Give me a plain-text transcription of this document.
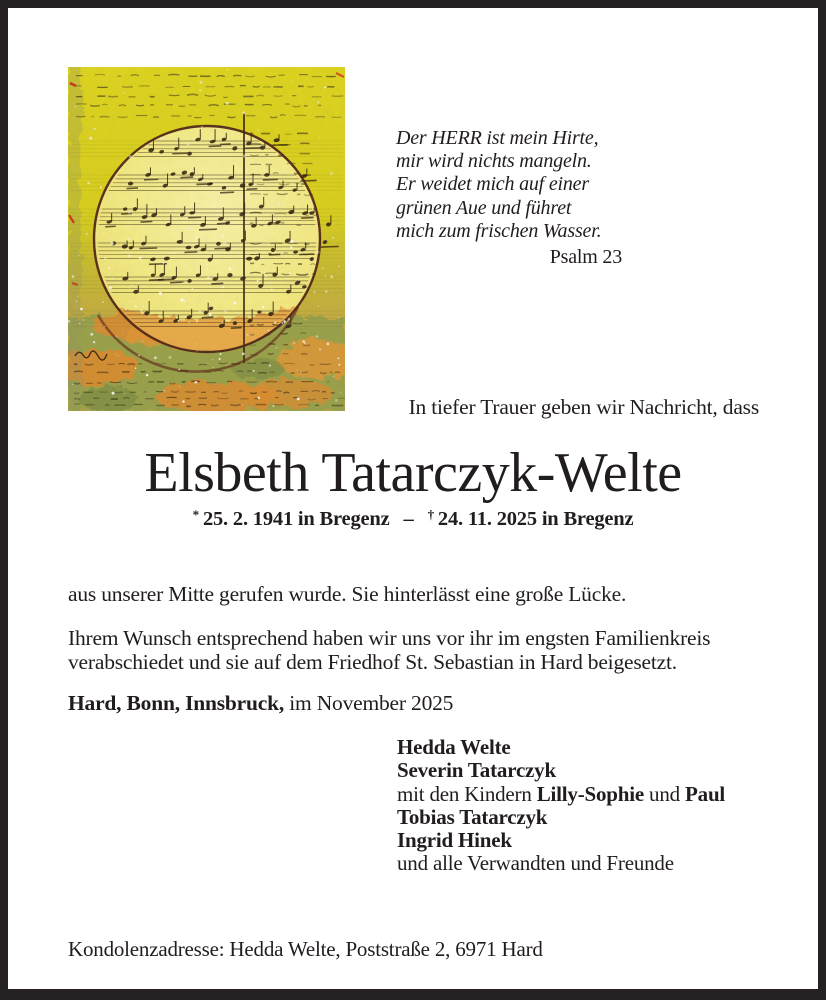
Der HERR ist mein Hirte,
mir wird nichts mangeln.
Er weidet mich auf einer
grünen Aue und führet
mich zum frischen Wasser.
Psalm 23
In tiefer Trauer geben wir Nachricht, dass
Elsbeth Tatarczyk-Welte
* 25. 2. 1941 in Bregenz – † 24. 11. 2025 in Bregenz
aus unserer Mitte gerufen wurde. Sie hinterlässt eine große Lücke.
Ihrem Wunsch entsprechend haben wir uns vor ihr im engsten Familienkreis verabschiedet und sie auf dem Friedhof St. Sebastian in Hard beigesetzt.
Hard, Bonn, Innsbruck, im November 2025
Hedda Welte
Severin Tatarczyk
mit den Kindern Lilly-Sophie und Paul
Tobias Tatarczyk
Ingrid Hinek
und alle Verwandten und Freunde
Kondolenzadresse: Hedda Welte, Poststraße 2, 6971 Hard
